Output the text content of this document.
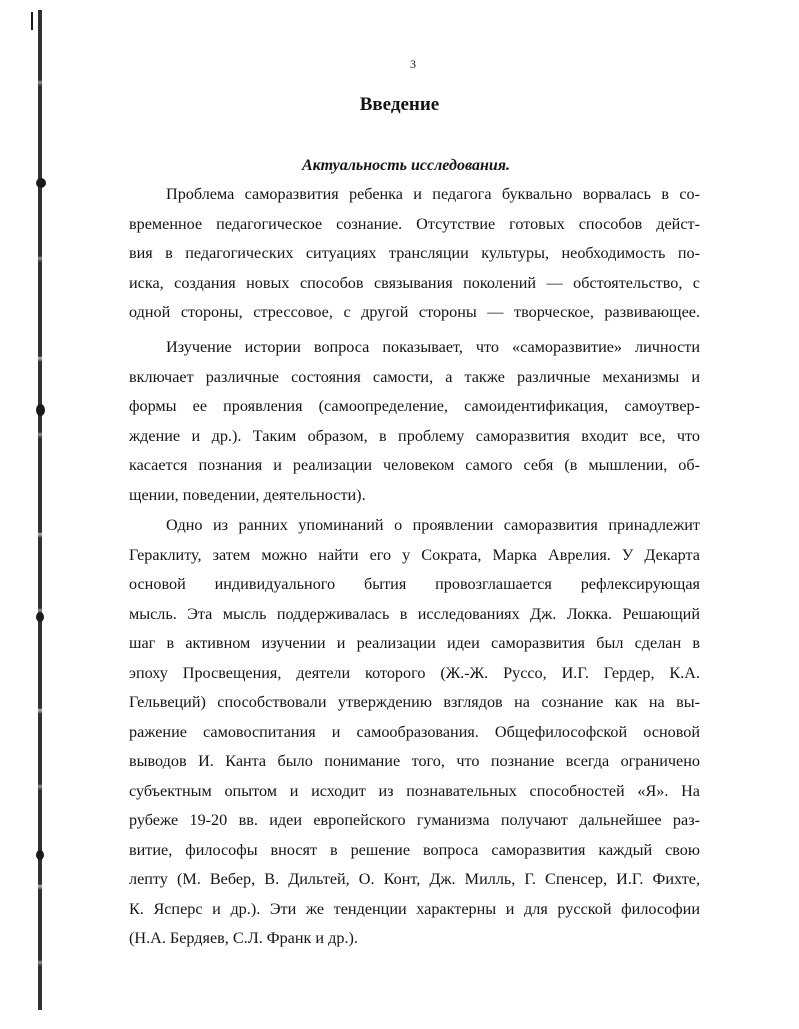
3
Введение
Актуальность исследования.
Проблема саморазвития ребенка и педагога буквально ворвалась в со-
временное педагогическое сознание. Отсутствие готовых способов дейст-
вия в педагогических ситуациях трансляции культуры, необходимость по-
иска, создания новых способов связывания поколений — обстоятельство, с
одной стороны, стрессовое, с другой стороны — творческое, развивающее.
Изучение истории вопроса показывает, что «саморазвитие» личности
включает различные состояния самости, а также различные механизмы и
формы ее проявления (самоопределение, самоидентификация, самоутвер-
ждение и др.). Таким образом, в проблему саморазвития входит все, что
касается познания и реализации человеком самого себя (в мышлении, об-
щении, поведении, деятельности).
Одно из ранних упоминаний о проявлении саморазвития принадлежит
Гераклиту, затем можно найти его у Сократа, Марка Аврелия. У Декарта
основой индивидуального бытия провозглашается рефлексирующая
мысль. Эта мысль поддерживалась в исследованиях Дж. Локка. Решающий
шаг в активном изучении и реализации идеи саморазвития был сделан в
эпоху Просвещения, деятели которого (Ж.-Ж. Руссо, И.Г. Гердер, К.А.
Гельвеций) способствовали утверждению взглядов на сознание как на вы-
ражение самовоспитания и самообразования. Общефилософской основой
выводов И. Канта было понимание того, что познание всегда ограничено
субъектным опытом и исходит из познавательных способностей «Я». На
рубеже 19-20 вв. идеи европейского гуманизма получают дальнейшее раз-
витие, философы вносят в решение вопроса саморазвития каждый свою
лепту (М. Вебер, В. Дильтей, О. Конт, Дж. Милль, Г. Спенсер, И.Г. Фихте,
К. Ясперс и др.). Эти же тенденции характерны и для русской философии
(Н.А. Бердяев, С.Л. Франк и др.).
